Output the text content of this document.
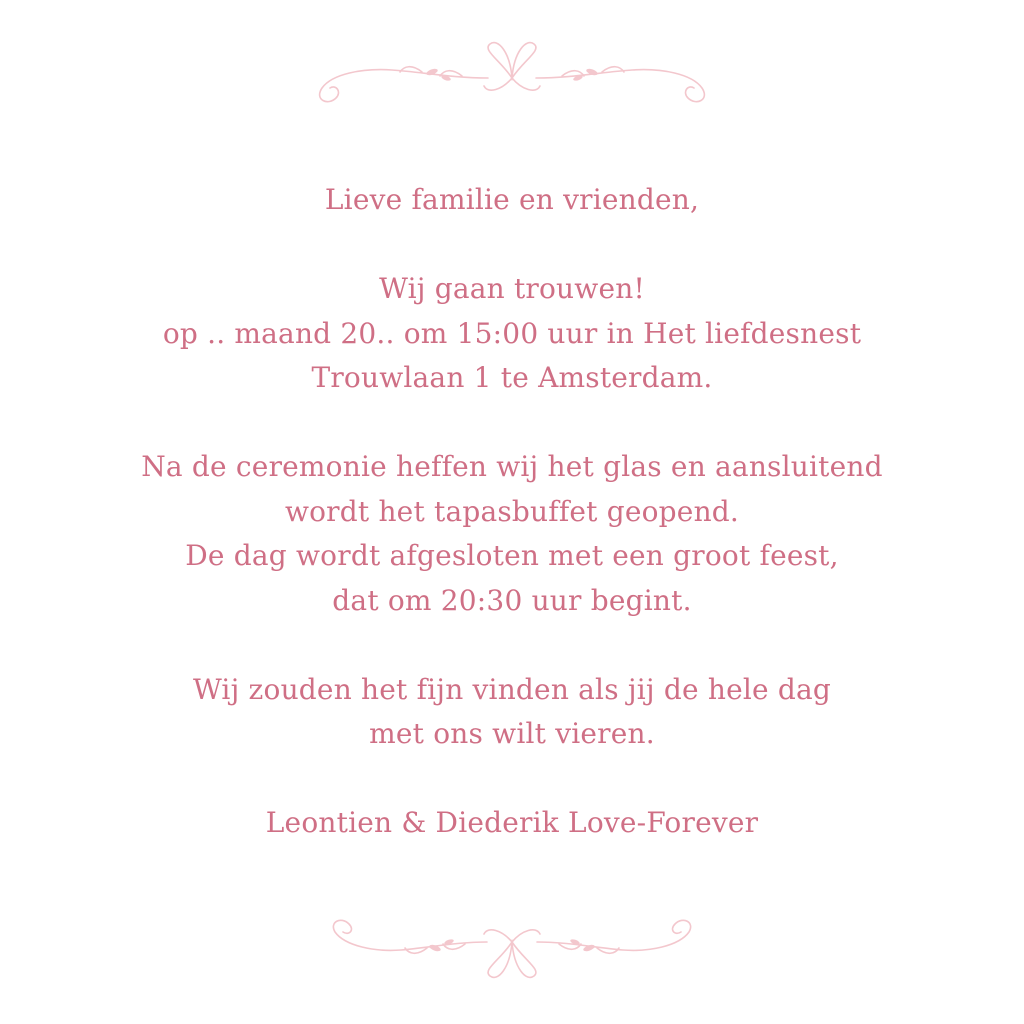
Lieve familie en vrienden,
Wij gaan trouwen!
op .. maand 20.. om 15:00 uur in Het liefdesnest
Trouwlaan 1 te Amsterdam.
Na de ceremonie heffen wij het glas en aansluitend
wordt het tapasbuffet geopend.
De dag wordt afgesloten met een groot feest,
dat om 20:30 uur begint.
Wij zouden het fijn vinden als jij de hele dag
met ons wilt vieren.
Leontien & Diederik Love-Forever
